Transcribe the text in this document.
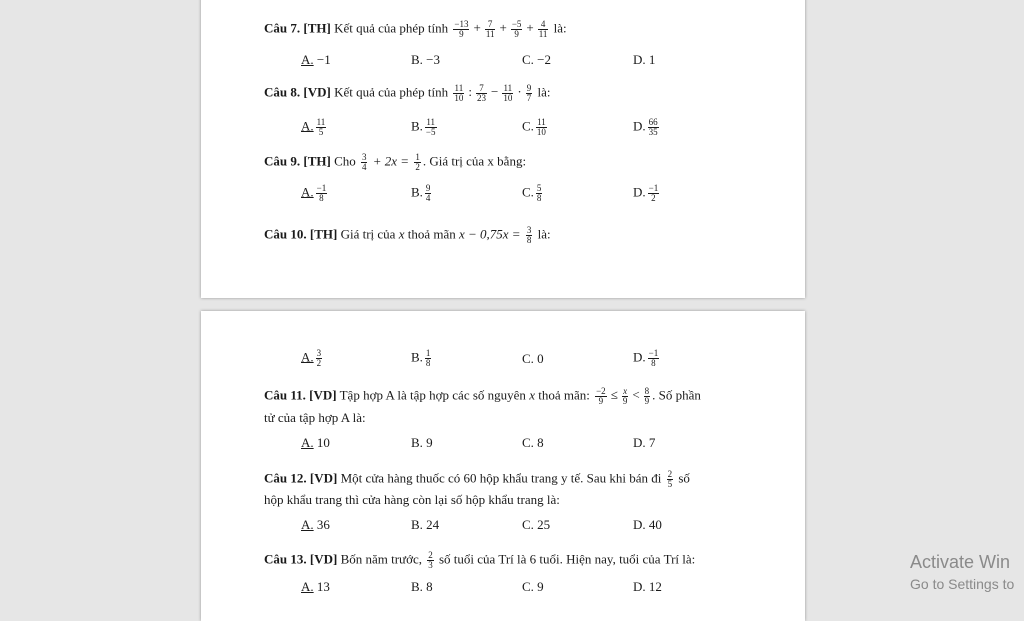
Câu 7. [TH] Kết quả của phép tính $\frac{-13}{9} + \frac{7}{11} + \frac{-5}{9} + \frac{4}{11}$ là:
A. −1	B. −3	C. −2	D. 1
Câu 8. [VD] Kết quả của phép tính $\frac{11}{10}$ : $\frac{7}{23} - \frac{11}{10} \cdot \frac{9}{7}$ là:
A. $\frac{11}{5}$	B. $\frac{11}{-5}$	C. $\frac{11}{10}$	D. $\frac{66}{35}$
Câu 9. [TH] Cho $\frac{3}{4} + 2x = \frac{1}{2}$ . Giá trị của x bằng:
A. $\frac{-1}{8}$	B. $\frac{9}{4}$	C. $\frac{5}{8}$	D. $\frac{-1}{2}$
Câu 10. [TH] Giá trị của x thoả mãn $x - 0,75x = \frac{3}{8}$ là:
A. $\frac{3}{2}$	B. $\frac{1}{8}$	C. 0	D. $\frac{-1}{8}$
Câu 11. [VD] Tập hợp A là tập hợp các số nguyên x thoả mãn: $\frac{-2}{9} \le \frac{x}{9} < \frac{8}{9}$ . Số phần
tử của tập hợp A là:
A. 10	B. 9	C. 8	D. 7
Câu 12. [VD] Một cửa hàng thuốc có 60 hộp khẩu trang y tế. Sau khi bán đi $\frac{2}{5}$ số
hộp khẩu trang thì cửa hàng còn lại số hộp khẩu trang là:
A. 36	B. 24	C. 25	D. 40
Câu 13. [VD] Bốn năm trước, $\frac{2}{3}$ số tuổi của Trí là 6 tuổi. Hiện nay, tuổi của Trí là:
A. 13	B. 8	C. 9	D. 12
Activate Win
Go to Settings to
